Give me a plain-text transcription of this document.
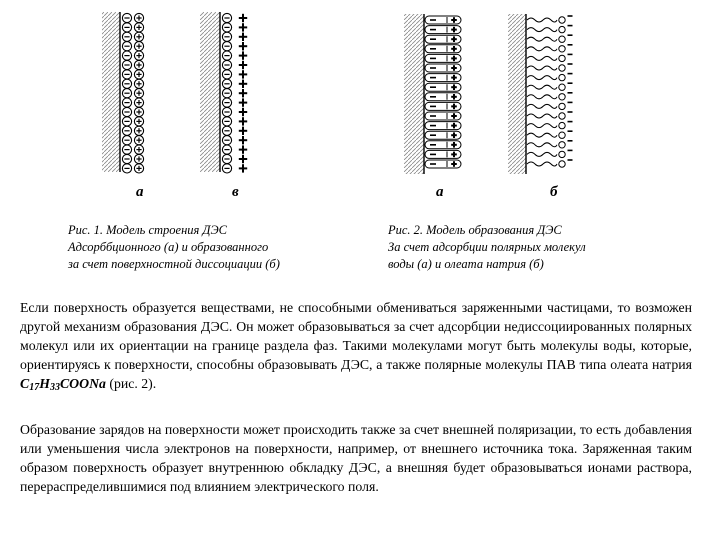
а	в
Рис. 1. Модель строения ДЭС
Адсорббционного (а) и образованного
за счет поверхностной диссоциации (б)
а	б
Рис. 2. Модель образования ДЭС
За счет адсорбции полярных молекул
воды (а) и олеата натрия (б)
Если поверхность образуется веществами, не способными обмениваться заряженными частицами, то возможен другой механизм образования ДЭС. Он может образовываться за счет адсорбции недиссоциированных полярных молекул или их ориентации на границе раздела фаз. Такими молекулами могут быть молекулы воды, которые, ориентируясь к поверхности, способны образовывать ДЭС, а также полярные молекулы ПАВ типа олеата натрия $C_{17}H_{33}COONa$ (рис. 2).
Образование зарядов на поверхности может происходить также за счет внешней поляризации, то есть добавления или уменьшения числа электронов на поверхности, например, от внешнего источника тока. Заряженная таким образом поверхность образует внутреннюю обкладку ДЭС, а внешняя будет образовываться ионами раствора, перераспределившимися под влиянием электрического поля.
